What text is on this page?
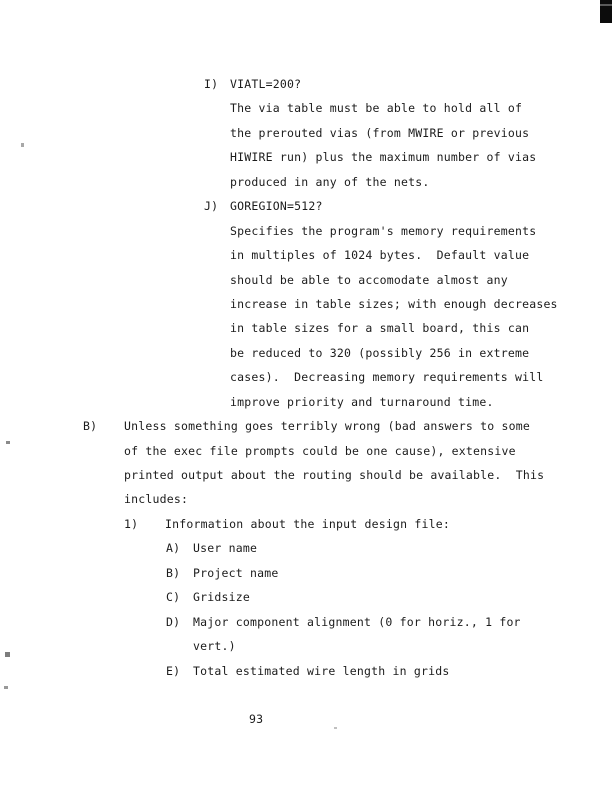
I) VIATL=200?
The via table must be able to hold all of
the prerouted vias (from MWIRE or previous
HIWIRE run) plus the maximum number of vias
produced in any of the nets.
J) GOREGION=512?
Specifies the program's memory requirements
in multiples of 1024 bytes.  Default value
should be able to accomodate almost any
increase in table sizes; with enough decreases
in table sizes for a small board, this can
be reduced to 320 (possibly 256 in extreme
cases).  Decreasing memory requirements will
improve priority and turnaround time.
B) Unless something goes terribly wrong (bad answers to some
of the exec file prompts could be one cause), extensive
printed output about the routing should be available.  This
includes:
1) Information about the input design file:
A) User name
B) Project name
C) Gridsize
D) Major component alignment (0 for horiz., 1 for
vert.)
E) Total estimated wire length in grids
93
